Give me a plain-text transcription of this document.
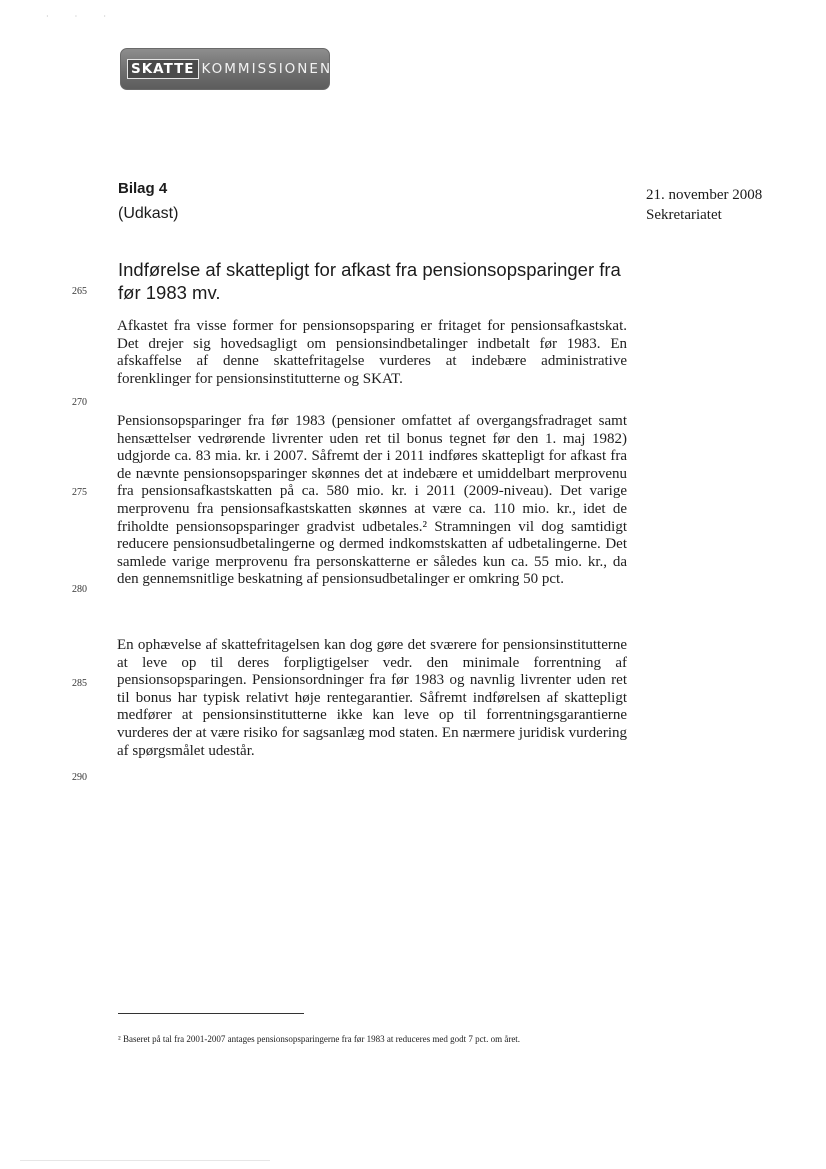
· · ·
SKATTE KOMMISSIONEN
Bilag 4
(Udkast)
21. november 2008
Sekretariatet
Indførelse af skattepligt for afkast fra pensionsopsparinger fra før 1983 mv.
265
270
275
280
285
290
Afkastet fra visse former for pensionsopsparing er fritaget for pensionsafkastskat. Det drejer sig hovedsagligt om pensionsindbetalinger indbetalt før 1983. En afskaffelse af denne skattefritagelse vurderes at indebære administrative forenklinger for pensionsinstitutterne og SKAT.
Pensionsopsparinger fra før 1983 (pensioner omfattet af overgangsfradraget samt hensættelser vedrørende livrenter uden ret til bonus tegnet før den 1. maj 1982) udgjorde ca. 83 mia. kr. i 2007. Såfremt der i 2011 indføres skattepligt for afkast fra de nævnte pensionsopsparinger skønnes det at indebære et umiddelbart merprovenu fra pensionsafkastskatten på ca. 580 mio. kr. i 2011 (2009-niveau). Det varige merprovenu fra pensionsafkastskatten skønnes at være ca. 110 mio. kr., idet de friholdte pensionsopsparinger gradvist udbetales.² Stramningen vil dog samtidigt reducere pensionsudbetalingerne og dermed indkomstskatten af udbetalingerne. Det samlede varige merprovenu fra personskatterne er således kun ca. 55 mio. kr., da den gennemsnitlige beskatning af pensionsudbetalinger er omkring 50 pct.
En ophævelse af skattefritagelsen kan dog gøre det sværere for pensionsinstitutterne at leve op til deres forpligtigelser vedr. den minimale forrentning af pensionsopsparingen. Pensionsordninger fra før 1983 og navnlig livrenter uden ret til bonus har typisk relativt høje rentegarantier. Såfremt indførelsen af skattepligt medfører at pensionsinstitutterne ikke kan leve op til forrentningsgarantierne vurderes der at være risiko for sagsanlæg mod staten. En nærmere juridisk vurdering af spørgsmålet udestår.
² Baseret på tal fra 2001-2007 antages pensionsopsparingerne fra før 1983 at reduceres med godt 7 pct. om året.
